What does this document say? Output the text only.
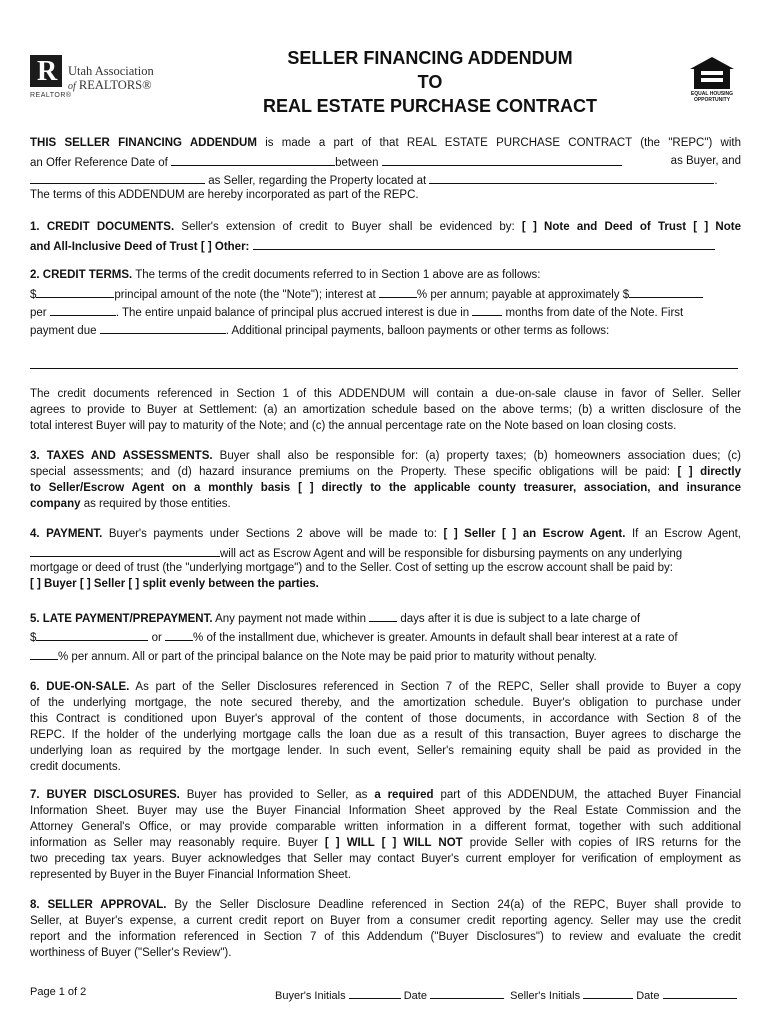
R
REALTOR®
Utah Association
of REALTORS®
SELLER FINANCING ADDENDUM
TO
REAL ESTATE PURCHASE CONTRACT
EQUAL HOUSING
OPPORTUNITY
THIS SELLER FINANCING ADDENDUM is made a part of that REAL ESTATE PURCHASE CONTRACT (the "REPC") with
an Offer Reference Date of	between	as Buyer, and
as Seller, regarding the Property located at	.
The terms of this ADDENDUM are hereby incorporated as part of the REPC.
1. CREDIT DOCUMENTS. Seller's extension of credit to Buyer shall be evidenced by: [ ] Note and Deed of Trust [ ] Note
and All-Inclusive Deed of Trust [ ] Other:
2. CREDIT TERMS. The terms of the credit documents referred to in Section 1 above are as follows:
$	principal amount of the note (the "Note"); interest at	% per annum; payable at approximately $
per	. The entire unpaid balance of principal plus accrued interest is due in	months from date of the Note. First
payment due	. Additional principal payments, balloon payments or other terms as follows:
The credit documents referenced in Section 1 of this ADDENDUM will contain a due-on-sale clause in favor of Seller. Seller
agrees to provide to Buyer at Settlement: (a) an amortization schedule based on the above terms; (b) a written disclosure of the
total interest Buyer will pay to maturity of the Note; and (c) the annual percentage rate on the Note based on loan closing costs.
3. TAXES AND ASSESSMENTS. Buyer shall also be responsible for: (a) property taxes; (b) homeowners association dues; (c)
special assessments; and (d) hazard insurance premiums on the Property. These specific obligations will be paid: [ ] directly
to Seller/Escrow Agent on a monthly basis [ ] directly to the applicable county treasurer, association, and insurance
company as required by those entities.
4. PAYMENT. Buyer's payments under Sections 2 above will be made to: [ ] Seller [ ] an Escrow Agent. If an Escrow Agent,
will act as Escrow Agent and will be responsible for disbursing payments on any underlying
mortgage or deed of trust (the "underlying mortgage") and to the Seller. Cost of setting up the escrow account shall be paid by:
[ ] Buyer [ ] Seller [ ] split evenly between the parties.
5. LATE PAYMENT/PREPAYMENT. Any payment not made within  days after it is due is subject to a late charge of
$	or % of the installment due, whichever is greater. Amounts in default shall bear interest at a rate of
% per annum. All or part of the principal balance on the Note may be paid prior to maturity without penalty.
6. DUE-ON-SALE. As part of the Seller Disclosures referenced in Section 7 of the REPC, Seller shall provide to Buyer a copy
of the underlying mortgage, the note secured thereby, and the amortization schedule. Buyer's obligation to purchase under
this Contract is conditioned upon Buyer's approval of the content of those documents, in accordance with Section 8 of the
REPC. If the holder of the underlying mortgage calls the loan due as a result of this transaction, Buyer agrees to discharge the
underlying loan as required by the mortgage lender. In such event, Seller's remaining equity shall be paid as provided in the
credit documents.
7. BUYER DISCLOSURES. Buyer has provided to Seller, as a required part of this ADDENDUM, the attached Buyer Financial
Information Sheet. Buyer may use the Buyer Financial Information Sheet approved by the Real Estate Commission and the
Attorney General's Office, or may provide comparable written information in a different format, together with such additional
information as Seller may reasonably require. Buyer [ ] WILL [ ] WILL NOT provide Seller with copies of IRS returns for the
two preceding tax years. Buyer acknowledges that Seller may contact Buyer's current employer for verification of employment as
represented by Buyer in the Buyer Financial Information Sheet.
8. SELLER APPROVAL. By the Seller Disclosure Deadline referenced in Section 24(a) of the REPC, Buyer shall provide to
Seller, at Buyer's expense, a current credit report on Buyer from a consumer credit reporting agency. Seller may use the credit
report and the information referenced in Section 7 of this Addendum ("Buyer Disclosures") to review and evaluate the credit
worthiness of Buyer ("Seller's Review").
Page 1 of 2	Buyer's Initials	Date	Seller's Initials	Date
